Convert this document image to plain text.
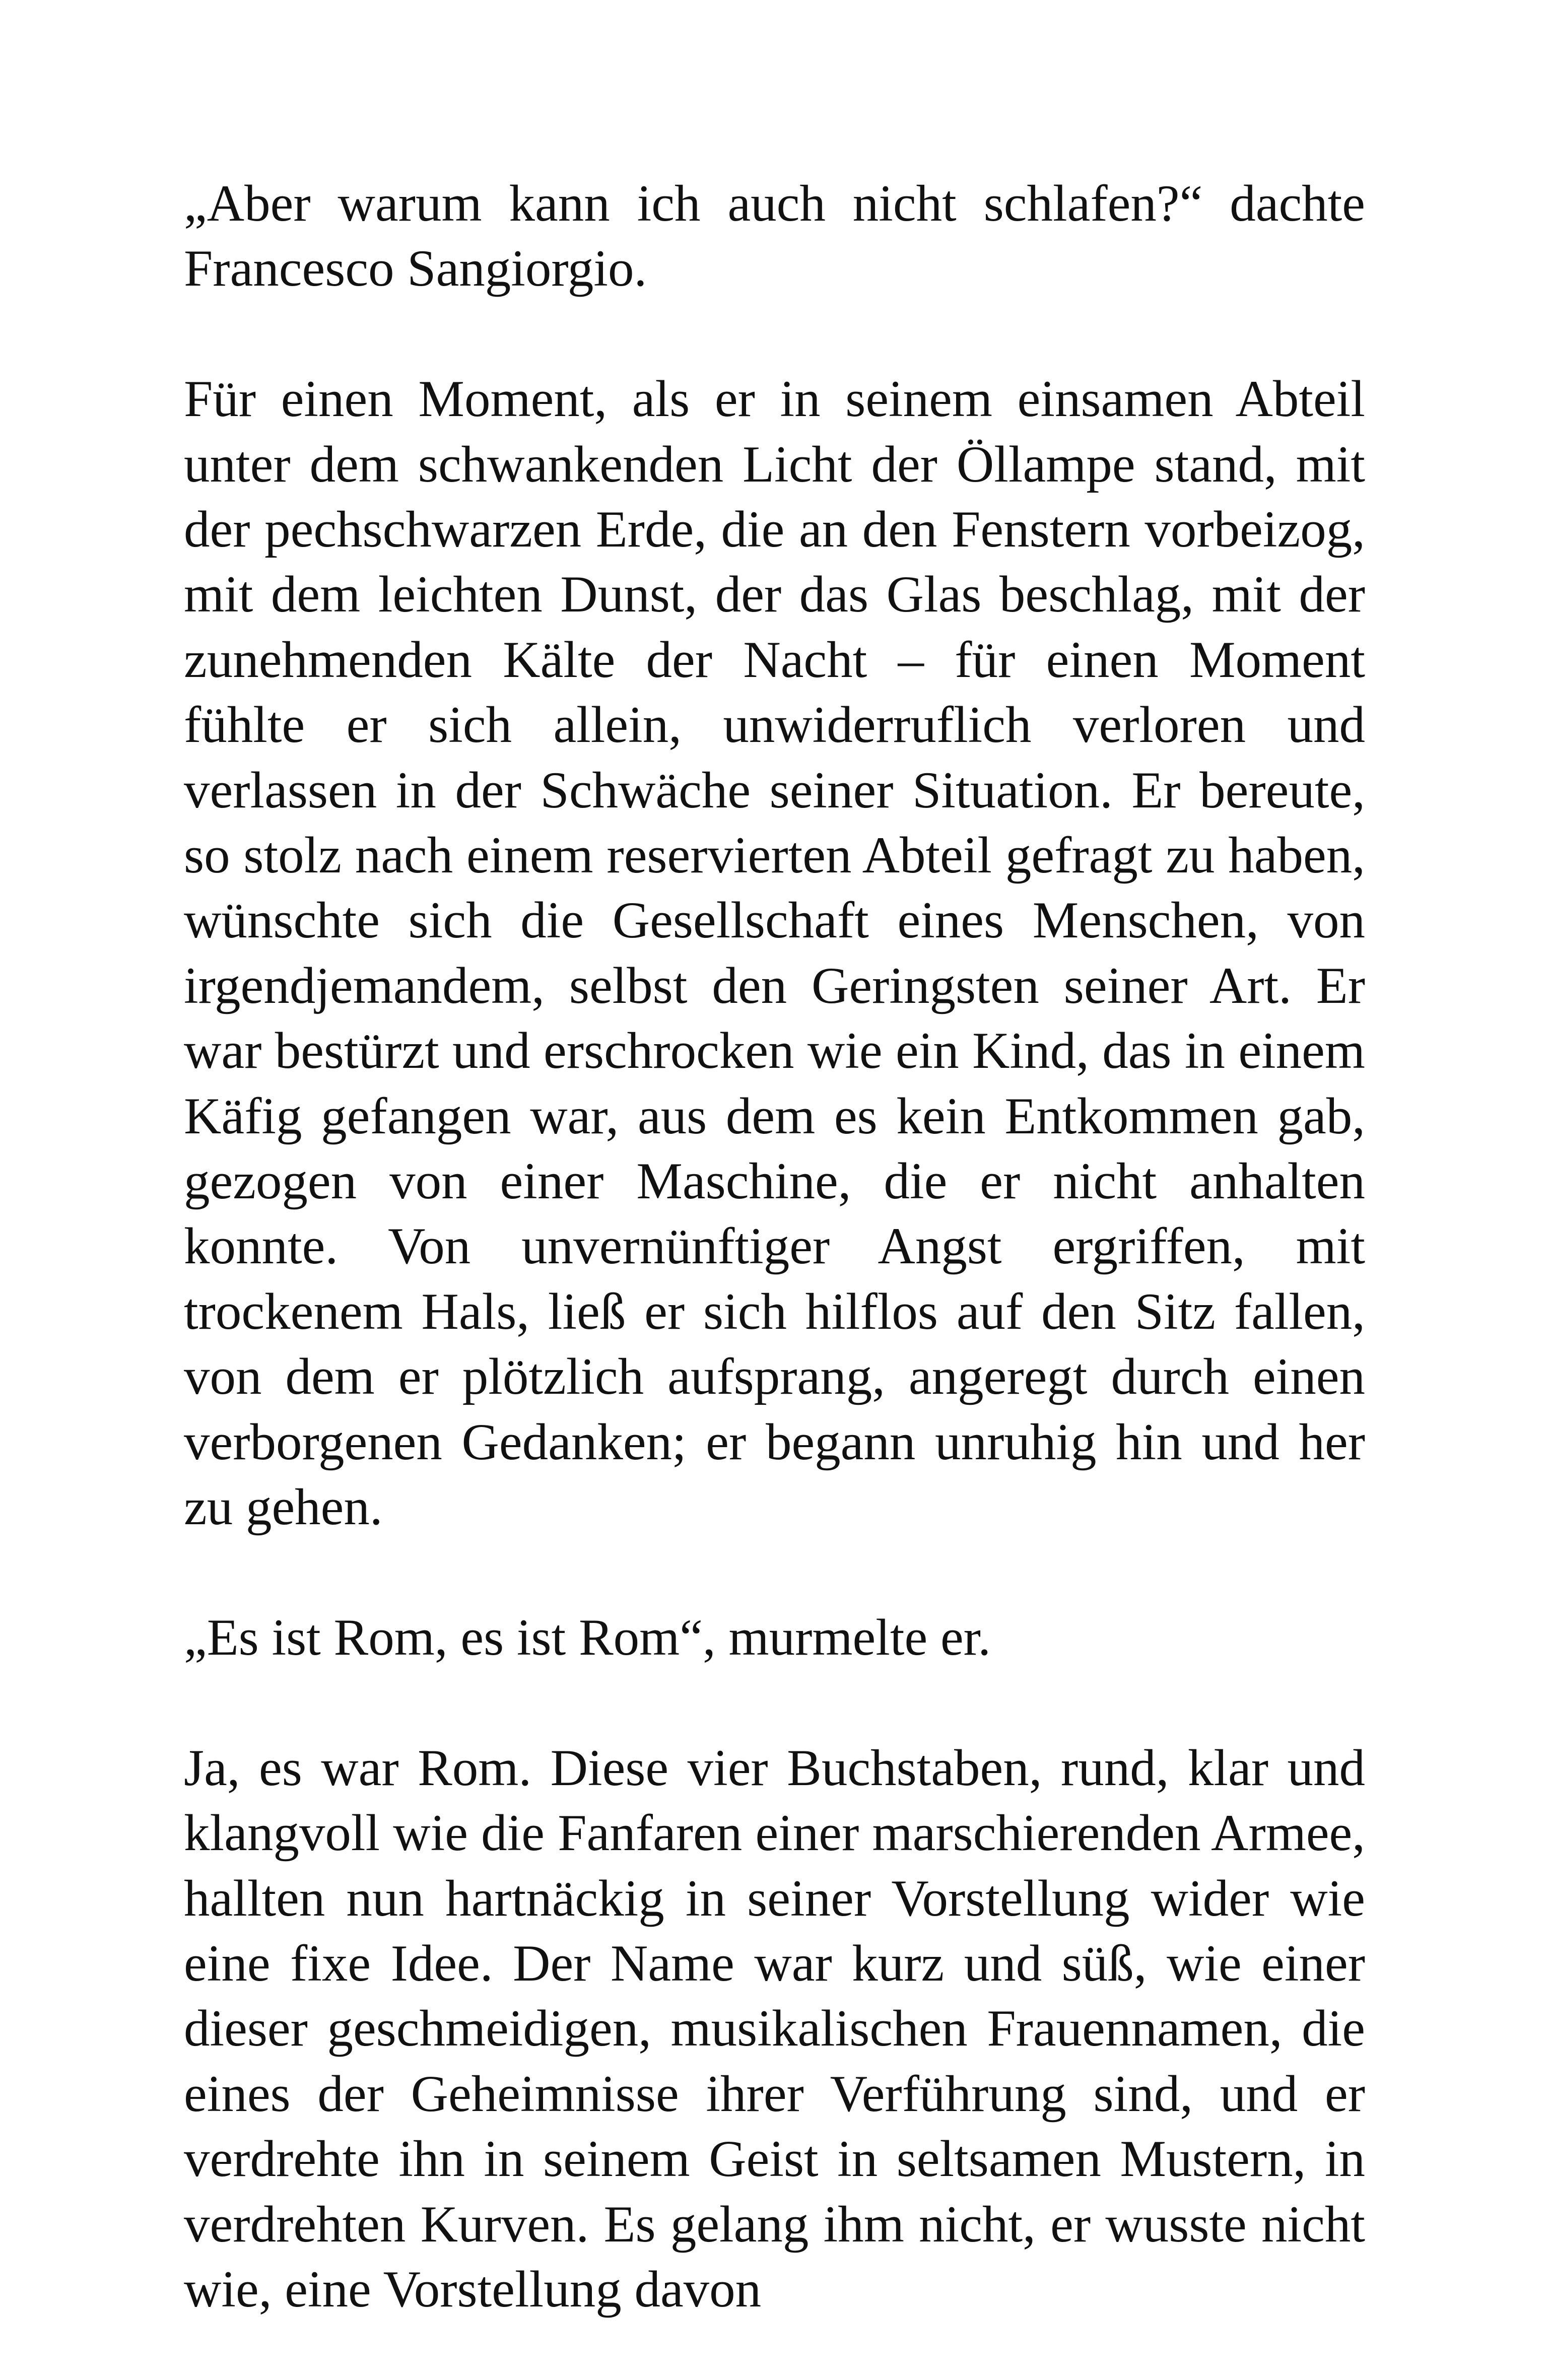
„Aber warum kann ich auch nicht schlafen?“ dachte Francesco Sangiorgio.

Für einen Moment, als er in seinem einsamen Abteil unter dem schwankenden Licht der Öllampe stand, mit der pechschwarzen Erde, die an den Fenstern vorbeizog, mit dem leichten Dunst, der das Glas beschlag, mit der zunehmenden Kälte der Nacht – für einen Moment fühlte er sich allein, unwiderruflich verloren und verlassen in der Schwäche seiner Situation. Er bereute, so stolz nach einem reservierten Abteil gefragt zu haben, wünschte sich die Gesellschaft eines Menschen, von irgendjemandem, selbst den Geringsten seiner Art. Er war bestürzt und erschrocken wie ein Kind, das in einem Käfig gefangen war, aus dem es kein Entkommen gab, gezogen von einer Maschine, die er nicht anhalten konnte. Von unvernünftiger Angst ergriffen, mit trockenem Hals, ließ er sich hilflos auf den Sitz fallen, von dem er plötzlich aufsprang, angeregt durch einen verborgenen Gedanken; er begann unruhig hin und her zu gehen.

„Es ist Rom, es ist Rom“, murmelte er.

Ja, es war Rom. Diese vier Buchstaben, rund, klar und klangvoll wie die Fanfaren einer marschierenden Armee, hallten nun hartnäckig in seiner Vorstellung wider wie eine fixe Idee. Der Name war kurz und süß, wie einer dieser geschmeidigen, musikalischen Frauennamen, die eines der Geheimnisse ihrer Verführung sind, und er verdrehte ihn in seinem Geist in seltsamen Mustern, in verdrehten Kurven. Es gelang ihm nicht, er wusste nicht wie, eine Vorstellung davon
